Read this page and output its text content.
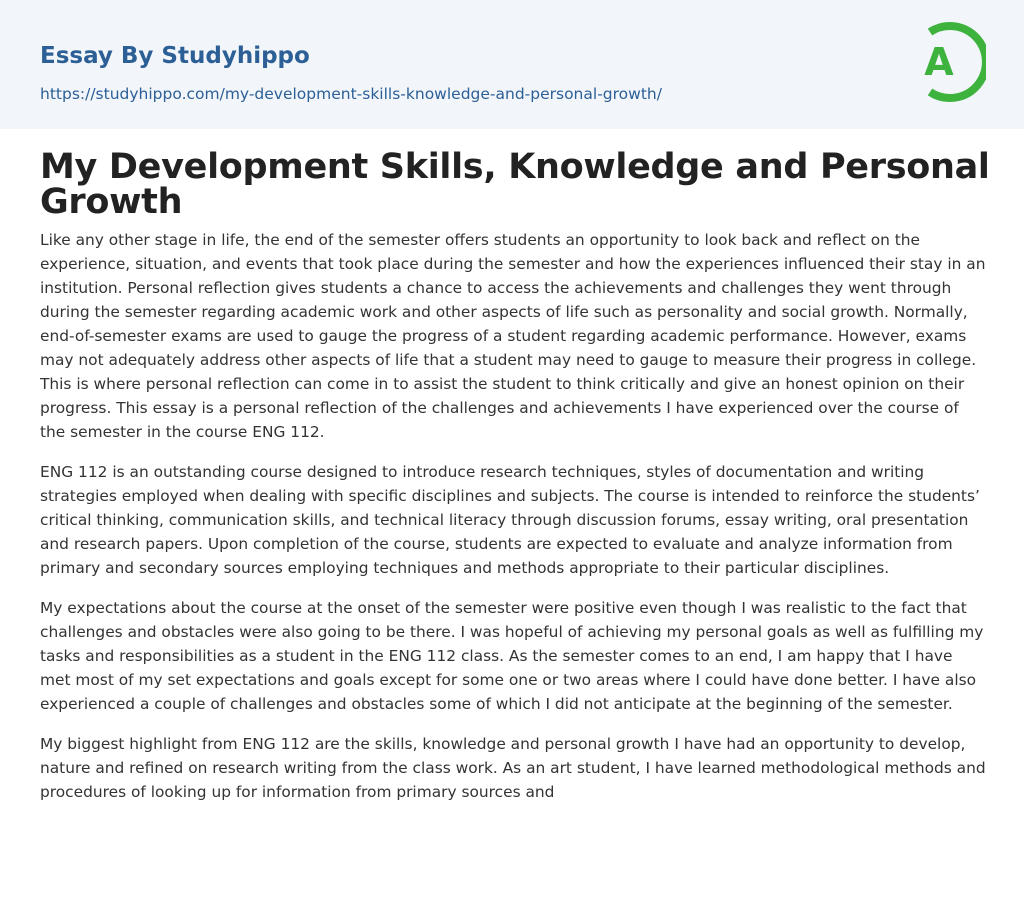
Essay By Studyhippo
https://studyhippo.com/my-development-skills-knowledge-and-personal-growth/
A
My Development Skills, Knowledge and Personal Growth

Like any other stage in life, the end of the semester offers students an opportunity to look back and reflect on the experience, situation, and events that took place during the semester and how the experiences influenced their stay in an institution. Personal reflection gives students a chance to access the achievements and challenges they went through during the semester regarding academic work and other aspects of life such as personality and social growth. Normally, end-of-semester exams are used to gauge the progress of a student regarding academic performance. However, exams may not adequately address other aspects of life that a student may need to gauge to measure their progress in college. This is where personal reflection can come in to assist the student to think critically and give an honest opinion on their progress. This essay is a personal reflection of the challenges and achievements I have experienced over the course of the semester in the course ENG 112.

ENG 112 is an outstanding course designed to introduce research techniques, styles of documentation and writing strategies employed when dealing with specific disciplines and subjects. The course is intended to reinforce the students’ critical thinking, communication skills, and technical literacy through discussion forums, essay writing, oral presentation and research papers. Upon completion of the course, students are expected to evaluate and analyze information from primary and secondary sources employing techniques and methods appropriate to their particular disciplines.

My expectations about the course at the onset of the semester were positive even though I was realistic to the fact that challenges and obstacles were also going to be there. I was hopeful of achieving my personal goals as well as fulfilling my tasks and responsibilities as a student in the ENG 112 class. As the semester comes to an end, I am happy that I have met most of my set expectations and goals except for some one or two areas where I could have done better. I have also experienced a couple of challenges and obstacles some of which I did not anticipate at the beginning of the semester.

My biggest highlight from ENG 112 are the skills, knowledge and personal growth I have had an opportunity to develop, nature and refined on research writing from the class work. As an art student, I have learned methodological methods and procedures of looking up for information from primary sources and
